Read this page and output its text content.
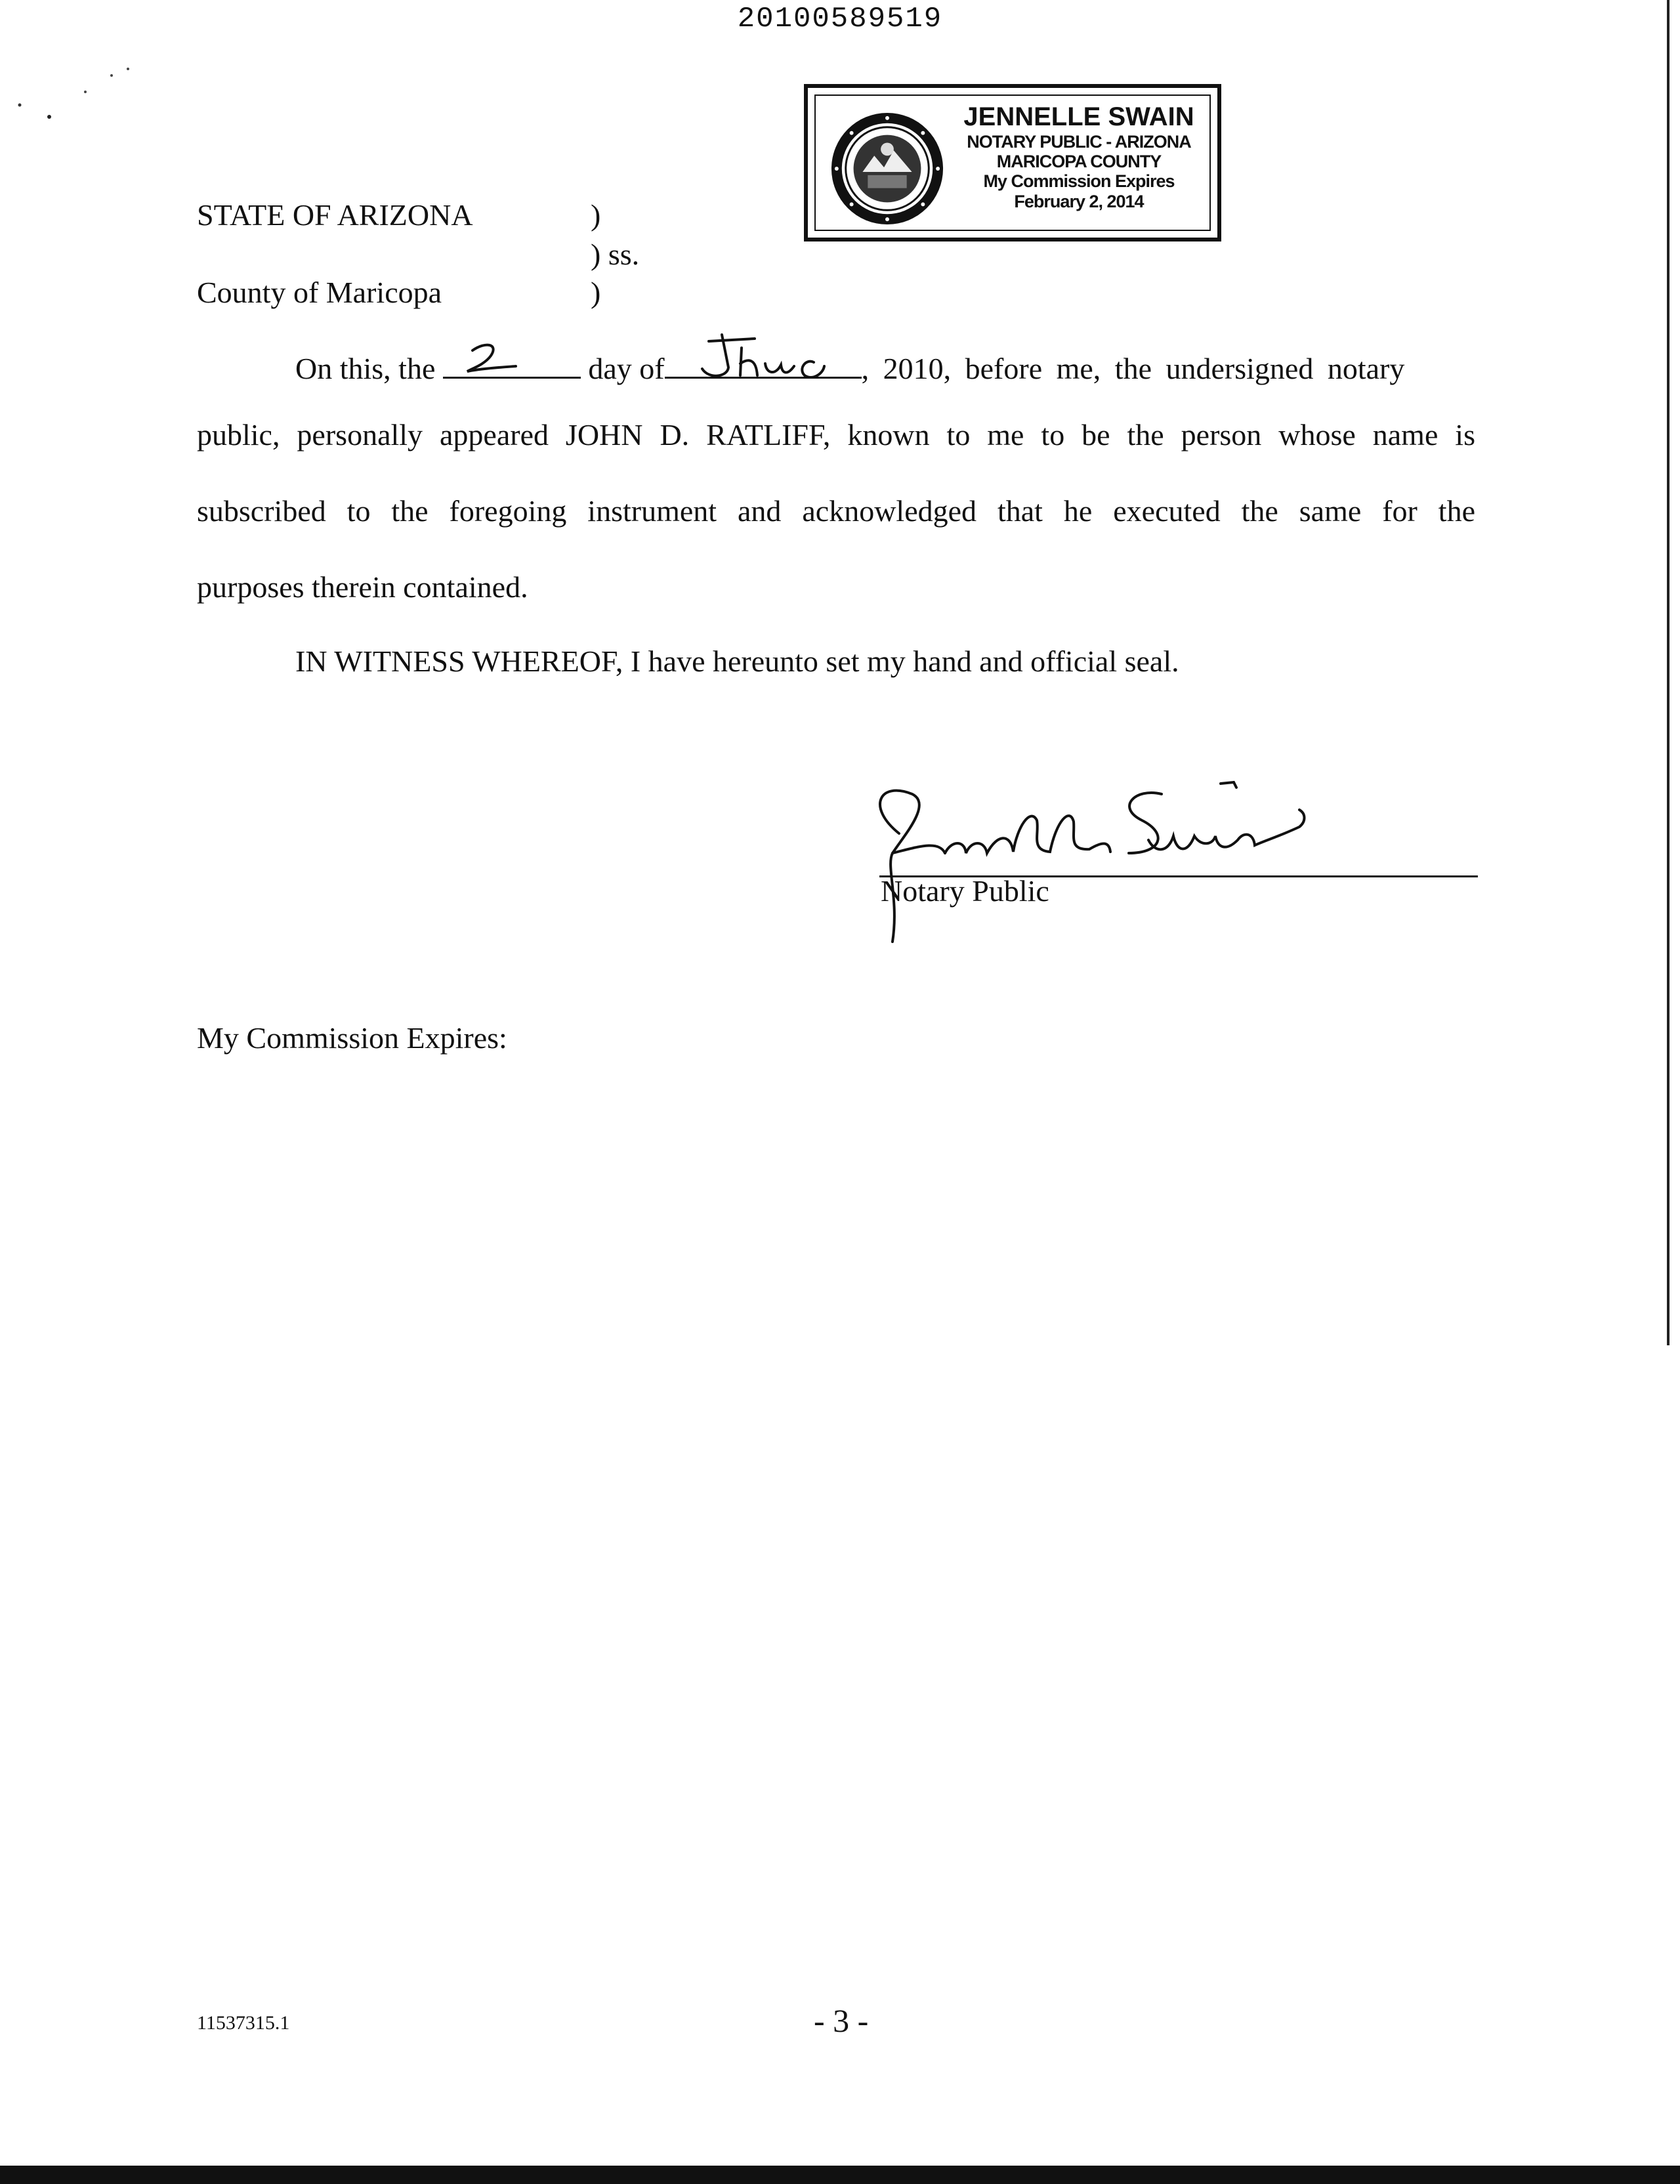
20100589519
JENNELLE SWAIN
NOTARY PUBLIC - ARIZONA
MARICOPA COUNTY
My Commission Expires
February 2, 2014
STATE OF ARIZONA	)
) ss.
County of Maricopa	)
On this, the	day of	, 2010, before me, the undersigned notary
public, personally appeared JOHN D. RATLIFF, known to me to be the person whose name is
subscribed to the foregoing instrument and acknowledged that he executed the same for the
purposes therein contained.
IN WITNESS WHEREOF, I have hereunto set my hand and official seal.
Notary Public
My Commission Expires:
11537315.1	- 3 -
